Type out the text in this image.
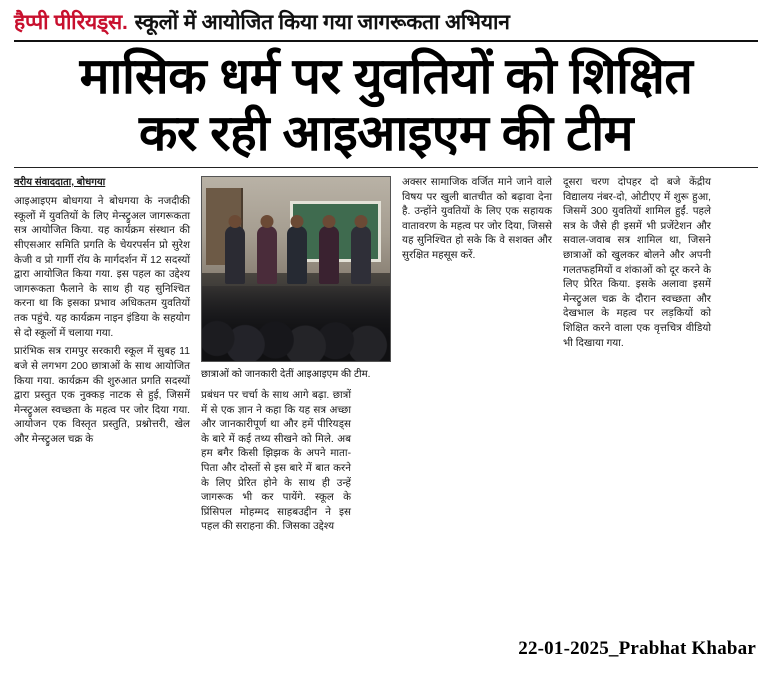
हैप्पी पीरियड्स. स्कूलों में आयोजित किया गया जागरूकता अभियान
मासिक धर्म पर युवतियों को शिक्षित
कर रही आइआइएम की टीम
वरीय संवाददाता, बोधगया

आइआइएम बोधगया ने बोधगया के नजदीकी स्कूलों में युवतियों के लिए मेन्स्ट्रुअल जागरूकता सत्र आयोजित किया. यह कार्यक्रम संस्थान की सीएसआर समिति प्रगति के चेयरपर्सन प्रो सुरेश केजी व प्रो गार्गी रॉय के मार्गदर्शन में 12 सदस्यों द्वारा आयोजित किया गया. इस पहल का उद्देश्य जागरूकता फैलाने के साथ ही यह सुनिश्चित करना था कि इसका प्रभाव अधिकतम युवतियों तक पहुंचे. यह कार्यक्रम नाइन इंडिया के सहयोग से दो स्कूलों में चलाया गया.

प्रारंभिक सत्र रामपुर सरकारी स्कूल में सुबह 11 बजे से लगभग 200 छात्राओं के साथ आयोजित किया गया. कार्यक्रम की शुरुआत प्रगति सदस्यों द्वारा प्रस्तुत एक नुक्कड़ नाटक से हुई, जिसमें मेन्स्ट्रुअल स्वच्छता के महत्व पर जोर दिया गया. आयोजन एक विस्तृत प्रस्तुति, प्रश्नोत्तरी, खेल और मेन्स्ट्रुअल चक्र के

छात्राओं को जानकारी देतीं आइआइएम की टीम.

प्रबंधन पर चर्चा के साथ आगे बढ़ा. छात्रों में से एक ज्ञान ने कहा कि यह सत्र अच्छा और जानकारीपूर्ण था और हमें पीरियड्स के बारे में कई तथ्य सीखने को मिले. अब हम बगैर किसी झिझक के अपने माता-पिता और दोस्तों से इस बारे में बात करने के लिए प्रेरित होने के साथ ही उन्हें जागरूक भी कर पायेंगे. स्कूल के प्रिंसिपल मोहम्मद साहबउद्दीन ने इस पहल की सराहना की. जिसका उद्देश्य

अक्सर सामाजिक वर्जित माने जाने वाले विषय पर खुली बातचीत को बढ़ावा देना है. उन्होंने युवतियों के लिए एक सहायक वातावरण के महत्व पर जोर दिया, जिससे यह सुनिश्चित हो सके कि वे सशक्त और सुरक्षित महसूस करें.

दूसरा चरण दोपहर दो बजे केंद्रीय विद्यालय नंबर-दो, ओटीएए में शुरू हुआ, जिसमें 300 युवतियों शामिल हुईं. पहले सत्र के जैसे ही इसमें भी प्रजेंटेशन और सवाल-जवाब सत्र शामिल था, जिसने छात्राओं को खुलकर बोलने और अपनी गलतफहमियों व शंकाओं को दूर करने के लिए प्रेरित किया. इसके अलावा इसमें मेन्स्ट्रुअल चक्र के दौरान स्वच्छता और देखभाल के महत्व पर लड़कियों को शिक्षित करने वाला एक वृत्तचित्र वीडियो भी दिखाया गया.

22-01-2025_Prabhat Khabar
